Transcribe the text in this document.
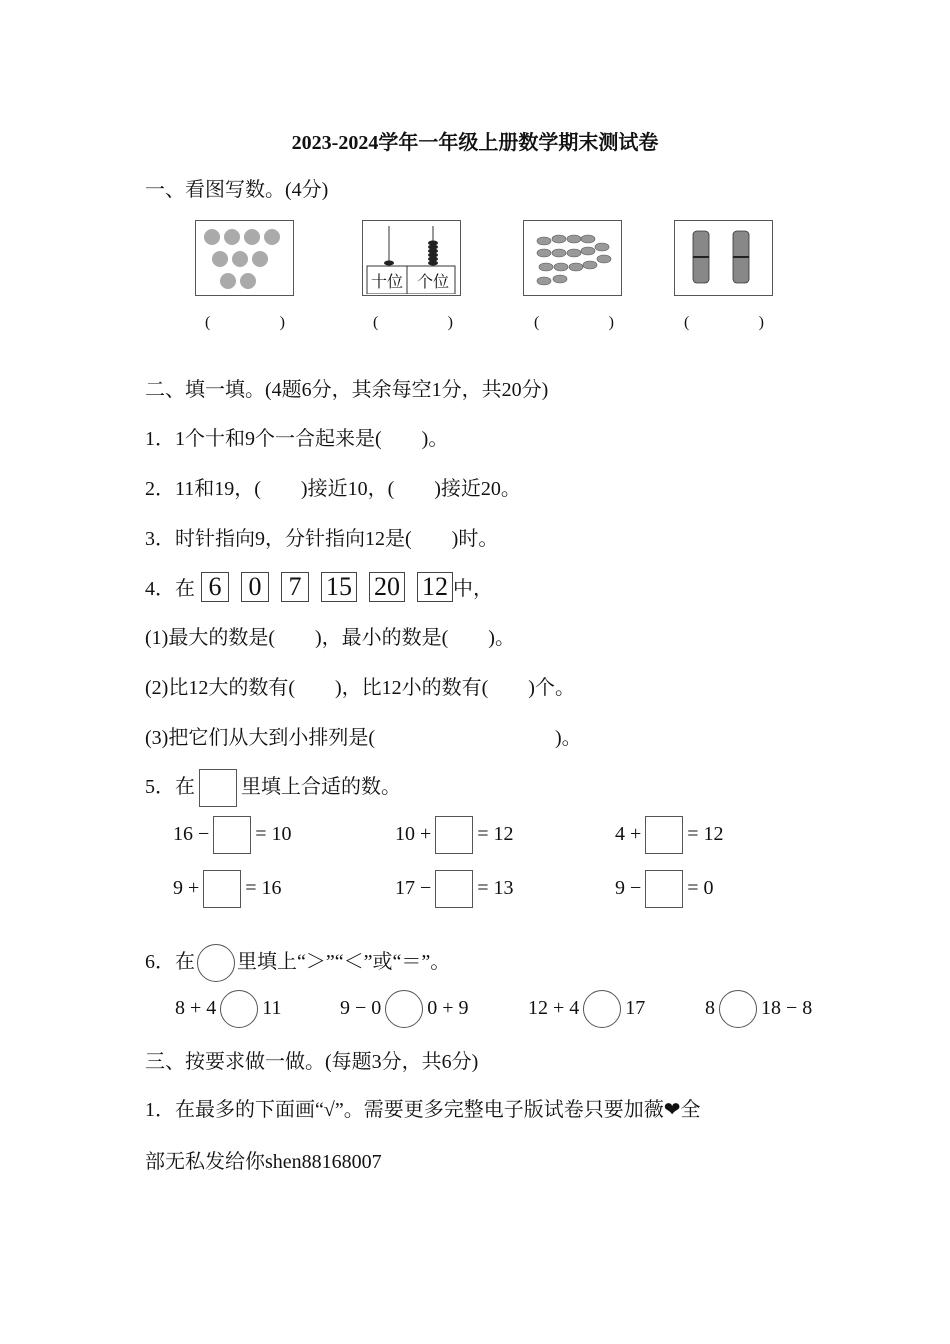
2023-2024学年一年级上册数学期末测试卷
一、看图写数。(4分)
十位 个位
(	)	(	)	(	)	(	)
二、填一填。(4题6分，其余每空1分，共20分)
1．1个十和9个一合起来是(　　)。
2．11和19，(　　)接近10，(　　)接近20。
3．时针指向9，分针指向12是(　　)时。
4．在 6 0 7 15 20 12 中，
(1)最大的数是(　　)，最小的数是(　　)。
(2)比12大的数有(　　)，比12小的数有(　　)个。
(3)把它们从大到小排列是(　　　　　　　　　)。
5．在 里填上合适的数。
16 − = 10	10 + = 12	4 + = 12
9 + = 16	17 − = 13	9 − = 0
6．在 里填上“＞”“＜”或“＝”。
8 + 4 11	9 − 0 0 + 9	12 + 4 17	8 18 − 8
三、按要求做一做。(每题3分，共6分)
1．在最多的下面画“√”。需要更多完整电子版试卷只要加薇❤全
部无私发给你shen88168007
